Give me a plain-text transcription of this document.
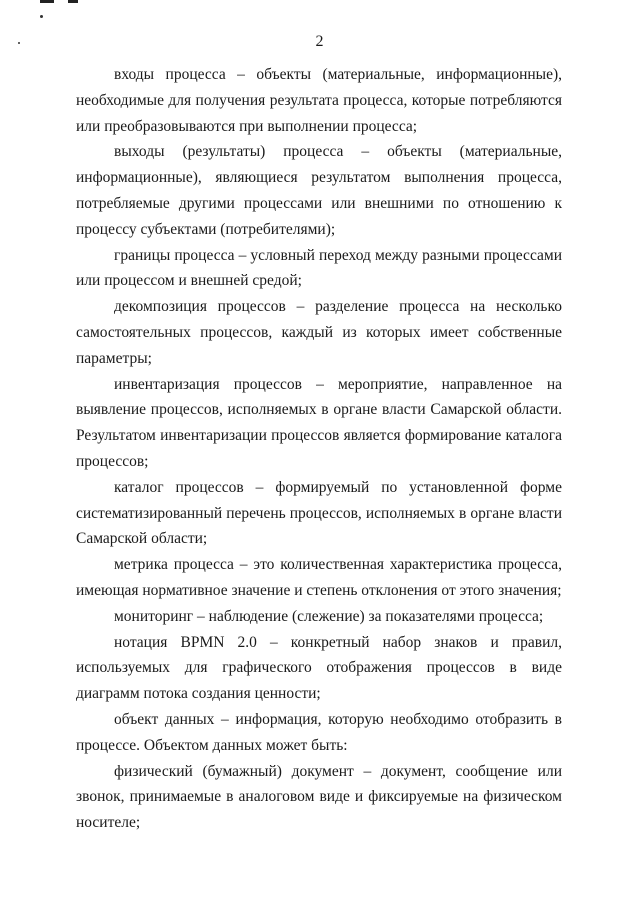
2

входы процесса – объекты (материальные, информационные), необходимые для получения результата процесса, которые потребляются или преобразовываются при выполнении процесса;

выходы (результаты) процесса – объекты (материальные, информационные), являющиеся результатом выполнения процесса, потребляемые другими процессами или внешними по отношению к процессу субъектами (потребителями);

границы процесса – условный переход между разными процессами или процессом и внешней средой;

декомпозиция процессов – разделение процесса на несколько самостоятельных процессов, каждый из которых имеет собственные параметры;

инвентаризация процессов – мероприятие, направленное на выявление процессов, исполняемых в органе власти Самарской области. Результатом инвентаризации процессов является формирование каталога процессов;

каталог процессов – формируемый по установленной форме систематизированный перечень процессов, исполняемых в органе власти Самарской области;

метрика процесса – это количественная характеристика процесса, имеющая нормативное значение и степень отклонения от этого значения;

мониторинг – наблюдение (слежение) за показателями процесса;

нотация BPMN 2.0 – конкретный набор знаков и правил, используемых для графического отображения процессов в виде диаграмм потока создания ценности;

объект данных – информация, которую необходимо отобразить в процессе. Объектом данных может быть:

физический (бумажный) документ – документ, сообщение или звонок, принимаемые в аналоговом виде и фиксируемые на физическом носителе;
